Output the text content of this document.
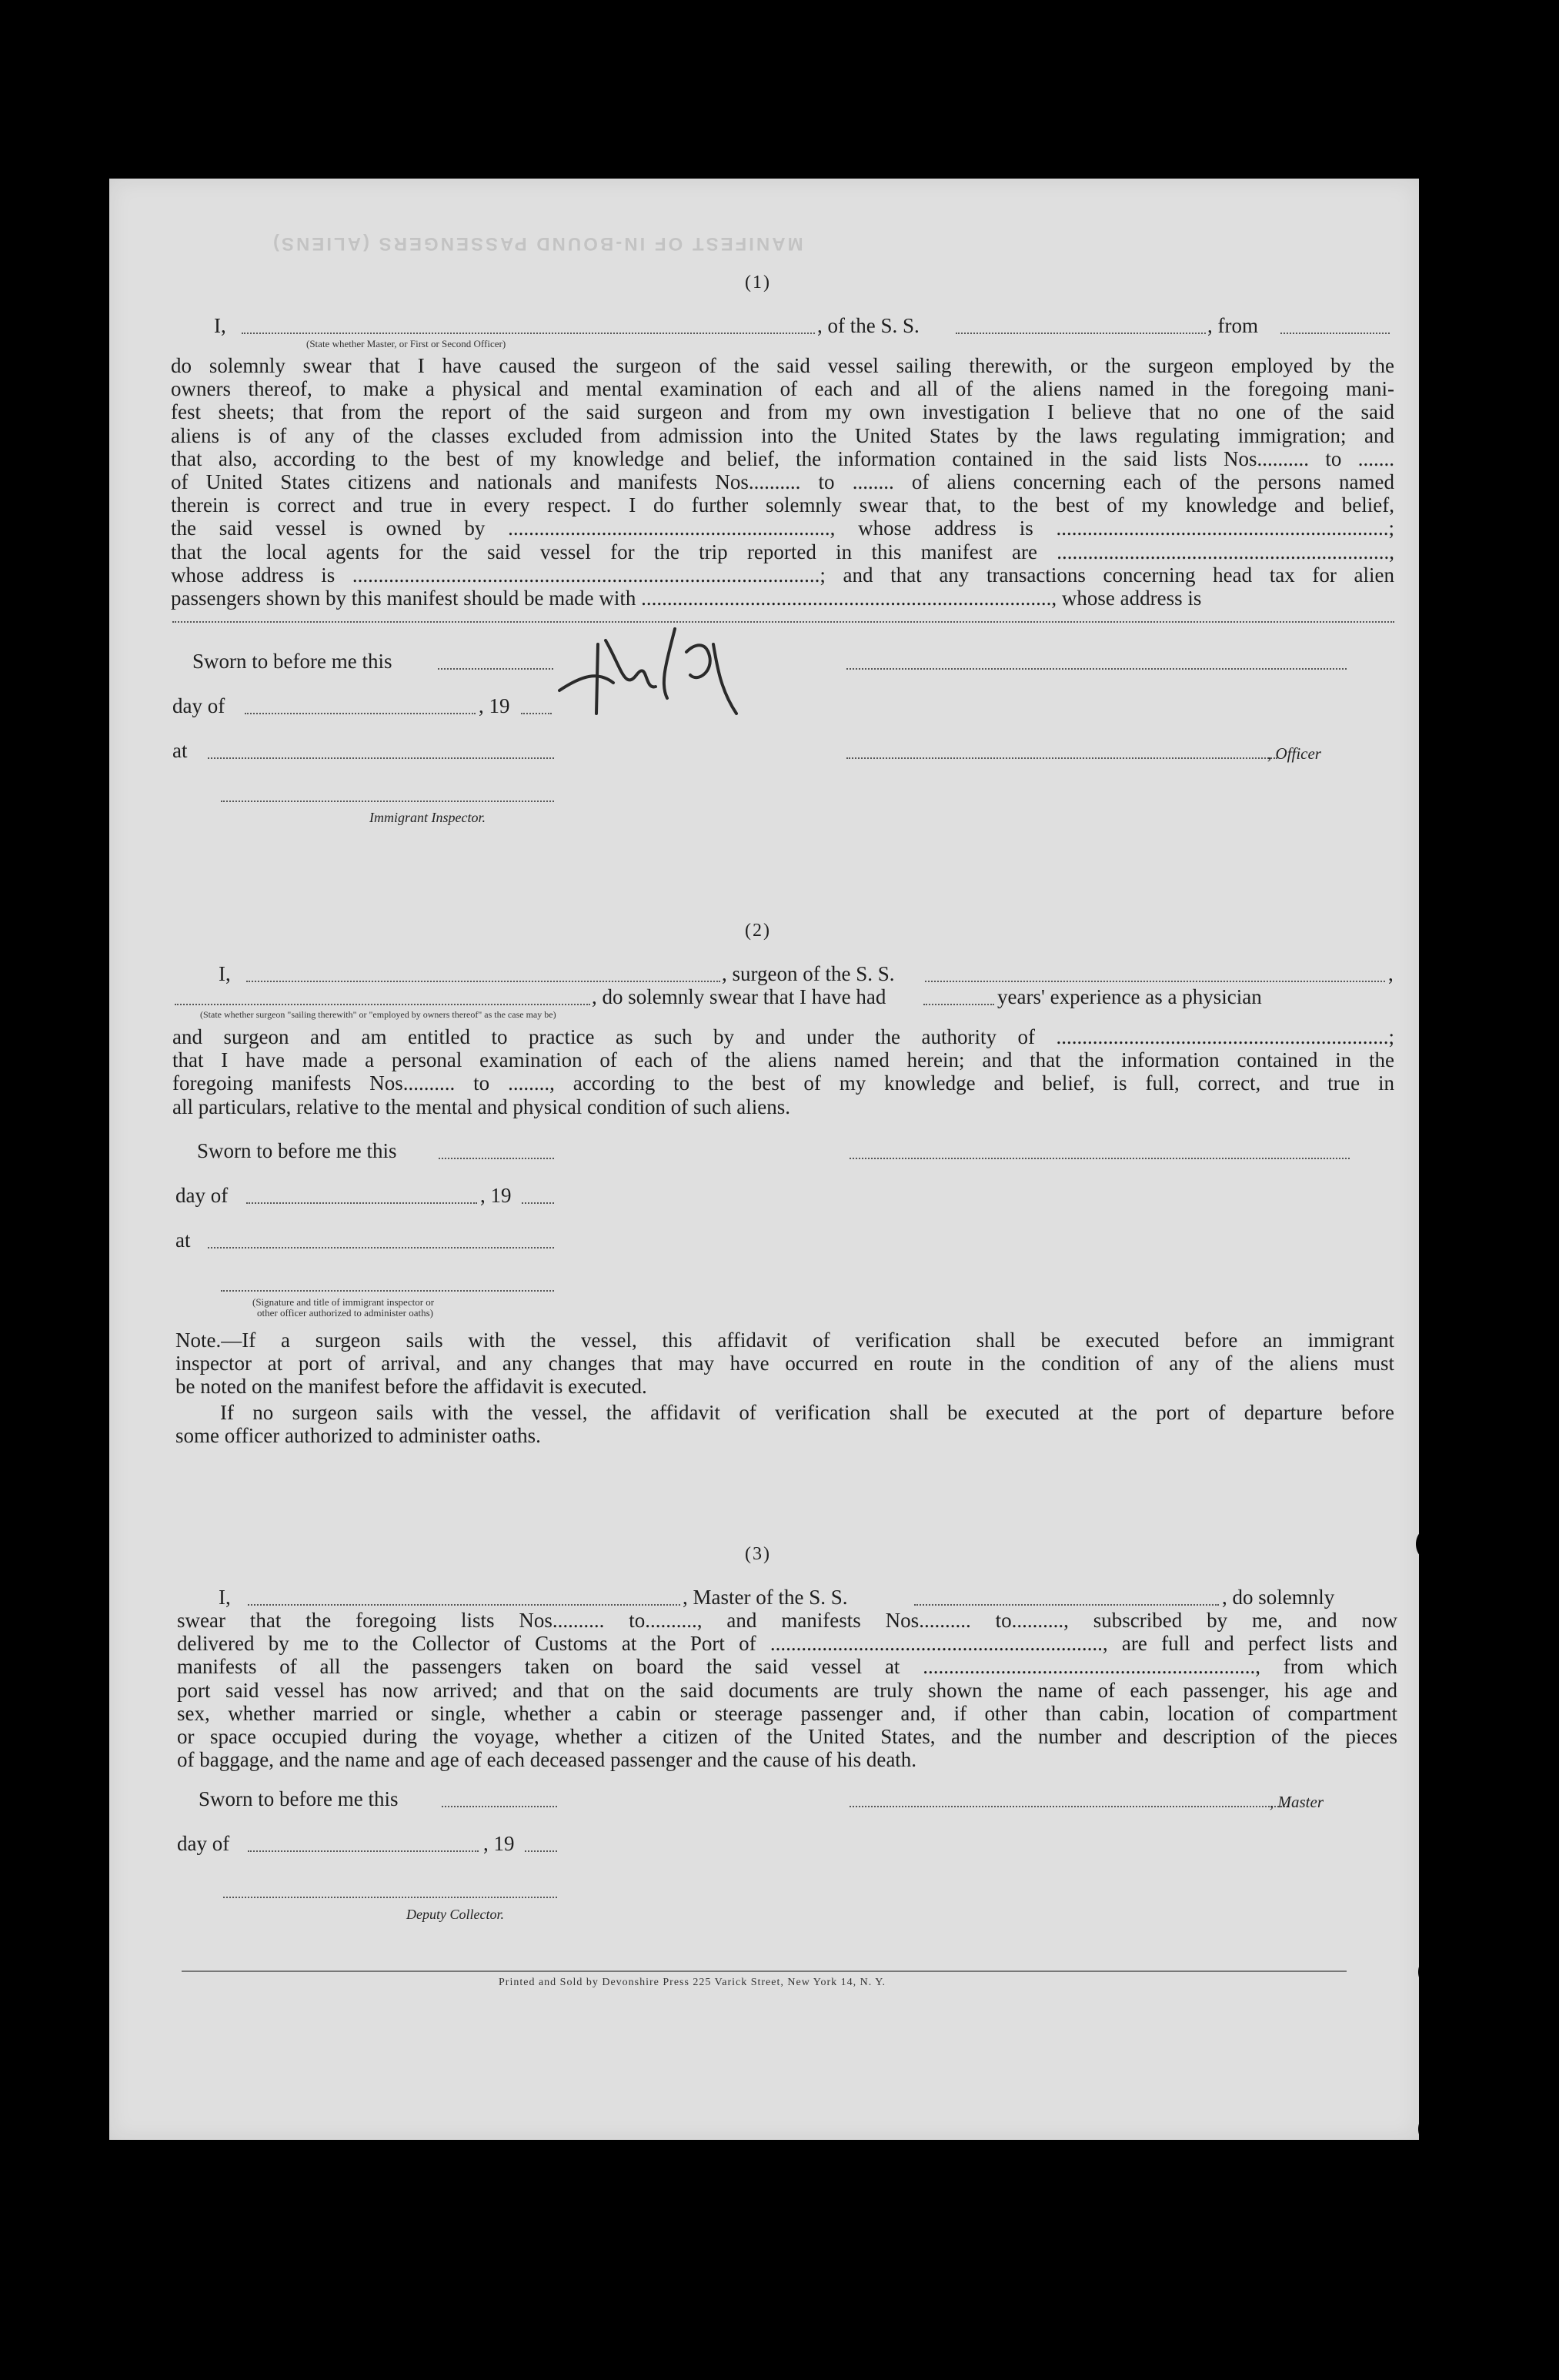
MANIFEST OF IN-BOUND PASSENGERS (ALIENS)
(1)
I,	, of the S. S.	, from
(State whether Master, or First or Second Officer)
do solemnly swear that I have caused the surgeon of the said vessel sailing therewith, or the surgeon employed by the
owners thereof, to make a physical and mental examination of each and all of the aliens named in the foregoing mani-
fest sheets; that from the report of the said surgeon and from my own investigation I believe that no one of the said
aliens is of any of the classes excluded from admission into the United States by the laws regulating immigration; and
that also, according to the best of my knowledge and belief, the information contained in the said lists Nos.......... to .......
of United States citizens and nationals and manifests Nos.......... to ........ of aliens concerning each of the persons named
therein is correct and true in every respect. I do further solemnly swear that, to the best of my knowledge and belief,
the said vessel is owned by .............................................................., whose address is ................................................................;
that the local agents for the said vessel for the trip reported in this manifest are ................................................................,
whose address is ..........................................................................................; and that any transactions concerning head tax for alien
passengers shown by this manifest should be made with ..............................................................................., whose address is
Sworn to before me this
day of	, 19
at	, Officer
Immigrant Inspector.
(2)
I,	, surgeon of the S. S.	,
, do solemnly swear that I have had	years' experience as a physician
(State whether surgeon "sailing therewith" or "employed by owners thereof" as the case may be)
and surgeon and am entitled to practice as such by and under the authority of ................................................................;
that I have made a personal examination of each of the aliens named herein; and that the information contained in the
foregoing manifests Nos.......... to ........, according to the best of my knowledge and belief, is full, correct, and true in
all particulars, relative to the mental and physical condition of such aliens.
Sworn to before me this
day of	, 19
at
(Signature and title of immigrant inspector or
other officer authorized to administer oaths)
Note.—If a surgeon sails with the vessel, this affidavit of verification shall be executed before an immigrant
inspector at port of arrival, and any changes that may have occurred en route in the condition of any of the aliens must
be noted on the manifest before the affidavit is executed.
If no surgeon sails with the vessel, the affidavit of verification shall be executed at the port of departure before
some officer authorized to administer oaths.
(3)
I,	, Master of the S. S.	, do solemnly
swear that the foregoing lists Nos.......... to.........., and manifests Nos.......... to.........., subscribed by me, and now
delivered by me to the Collector of Customs at the Port of ................................................................, are full and perfect lists and
manifests of all the passengers taken on board the said vessel at ................................................................, from which
port said vessel has now arrived; and that on the said documents are truly shown the name of each passenger, his age and
sex, whether married or single, whether a cabin or steerage passenger and, if other than cabin, location of compartment
or space occupied during the voyage, whether a citizen of the United States, and the number and description of the pieces
of baggage, and the name and age of each deceased passenger and the cause of his death.
Sworn to before me this	, Master
day of	, 19
Deputy Collector.
Printed and Sold by Devonshire Press 225 Varick Street, New York 14, N. Y.
